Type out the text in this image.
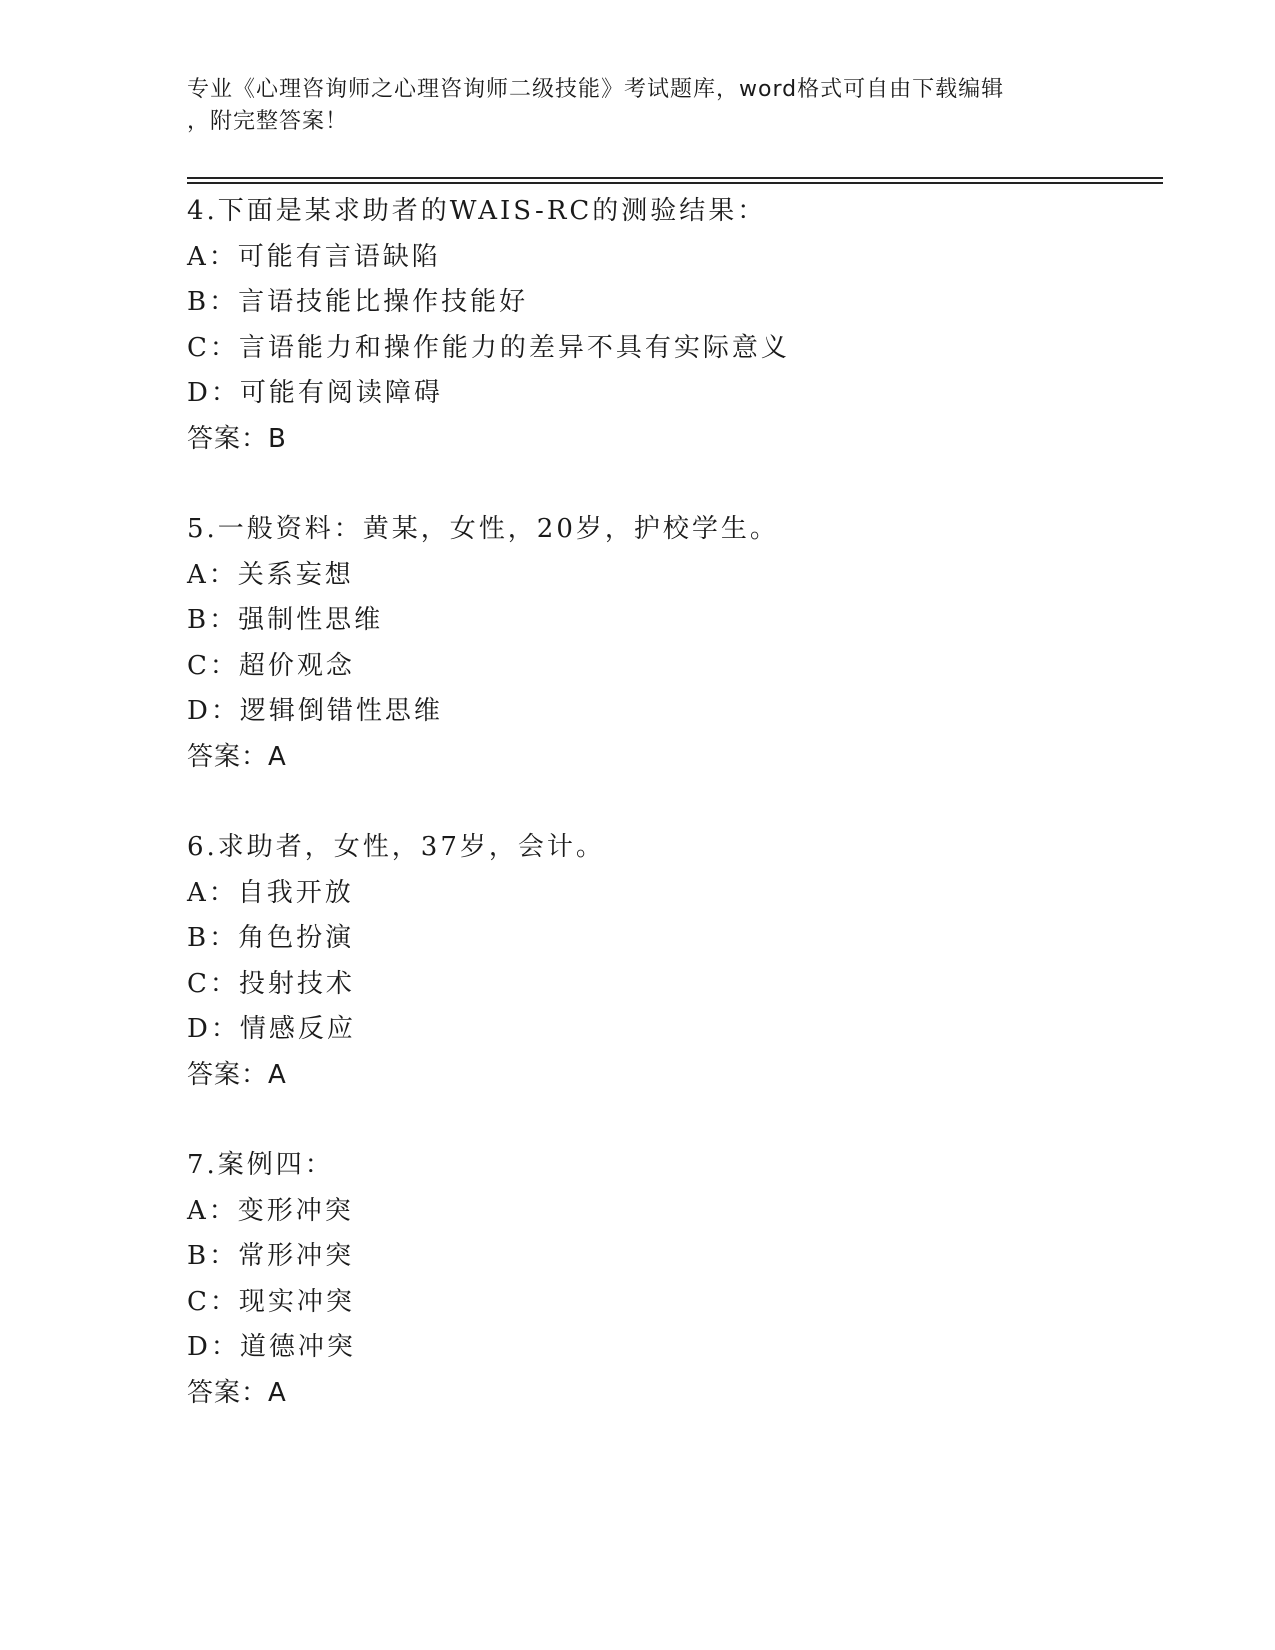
专业《心理咨询师之心理咨询师二级技能》考试题库，word格式可自由下载编辑
，附完整答案！
4.下面是某求助者的WAIS-RC的测验结果：
A：可能有言语缺陷
B：言语技能比操作技能好
C：言语能力和操作能力的差异不具有实际意义
D：可能有阅读障碍
答案：B
5.一般资料：黄某，女性，20岁，护校学生。
A：关系妄想
B：强制性思维
C：超价观念
D：逻辑倒错性思维
答案：A
6.求助者，女性，37岁，会计。
A：自我开放
B：角色扮演
C：投射技术
D：情感反应
答案：A
7.案例四：
A：变形冲突
B：常形冲突
C：现实冲突
D：道德冲突
答案：A
